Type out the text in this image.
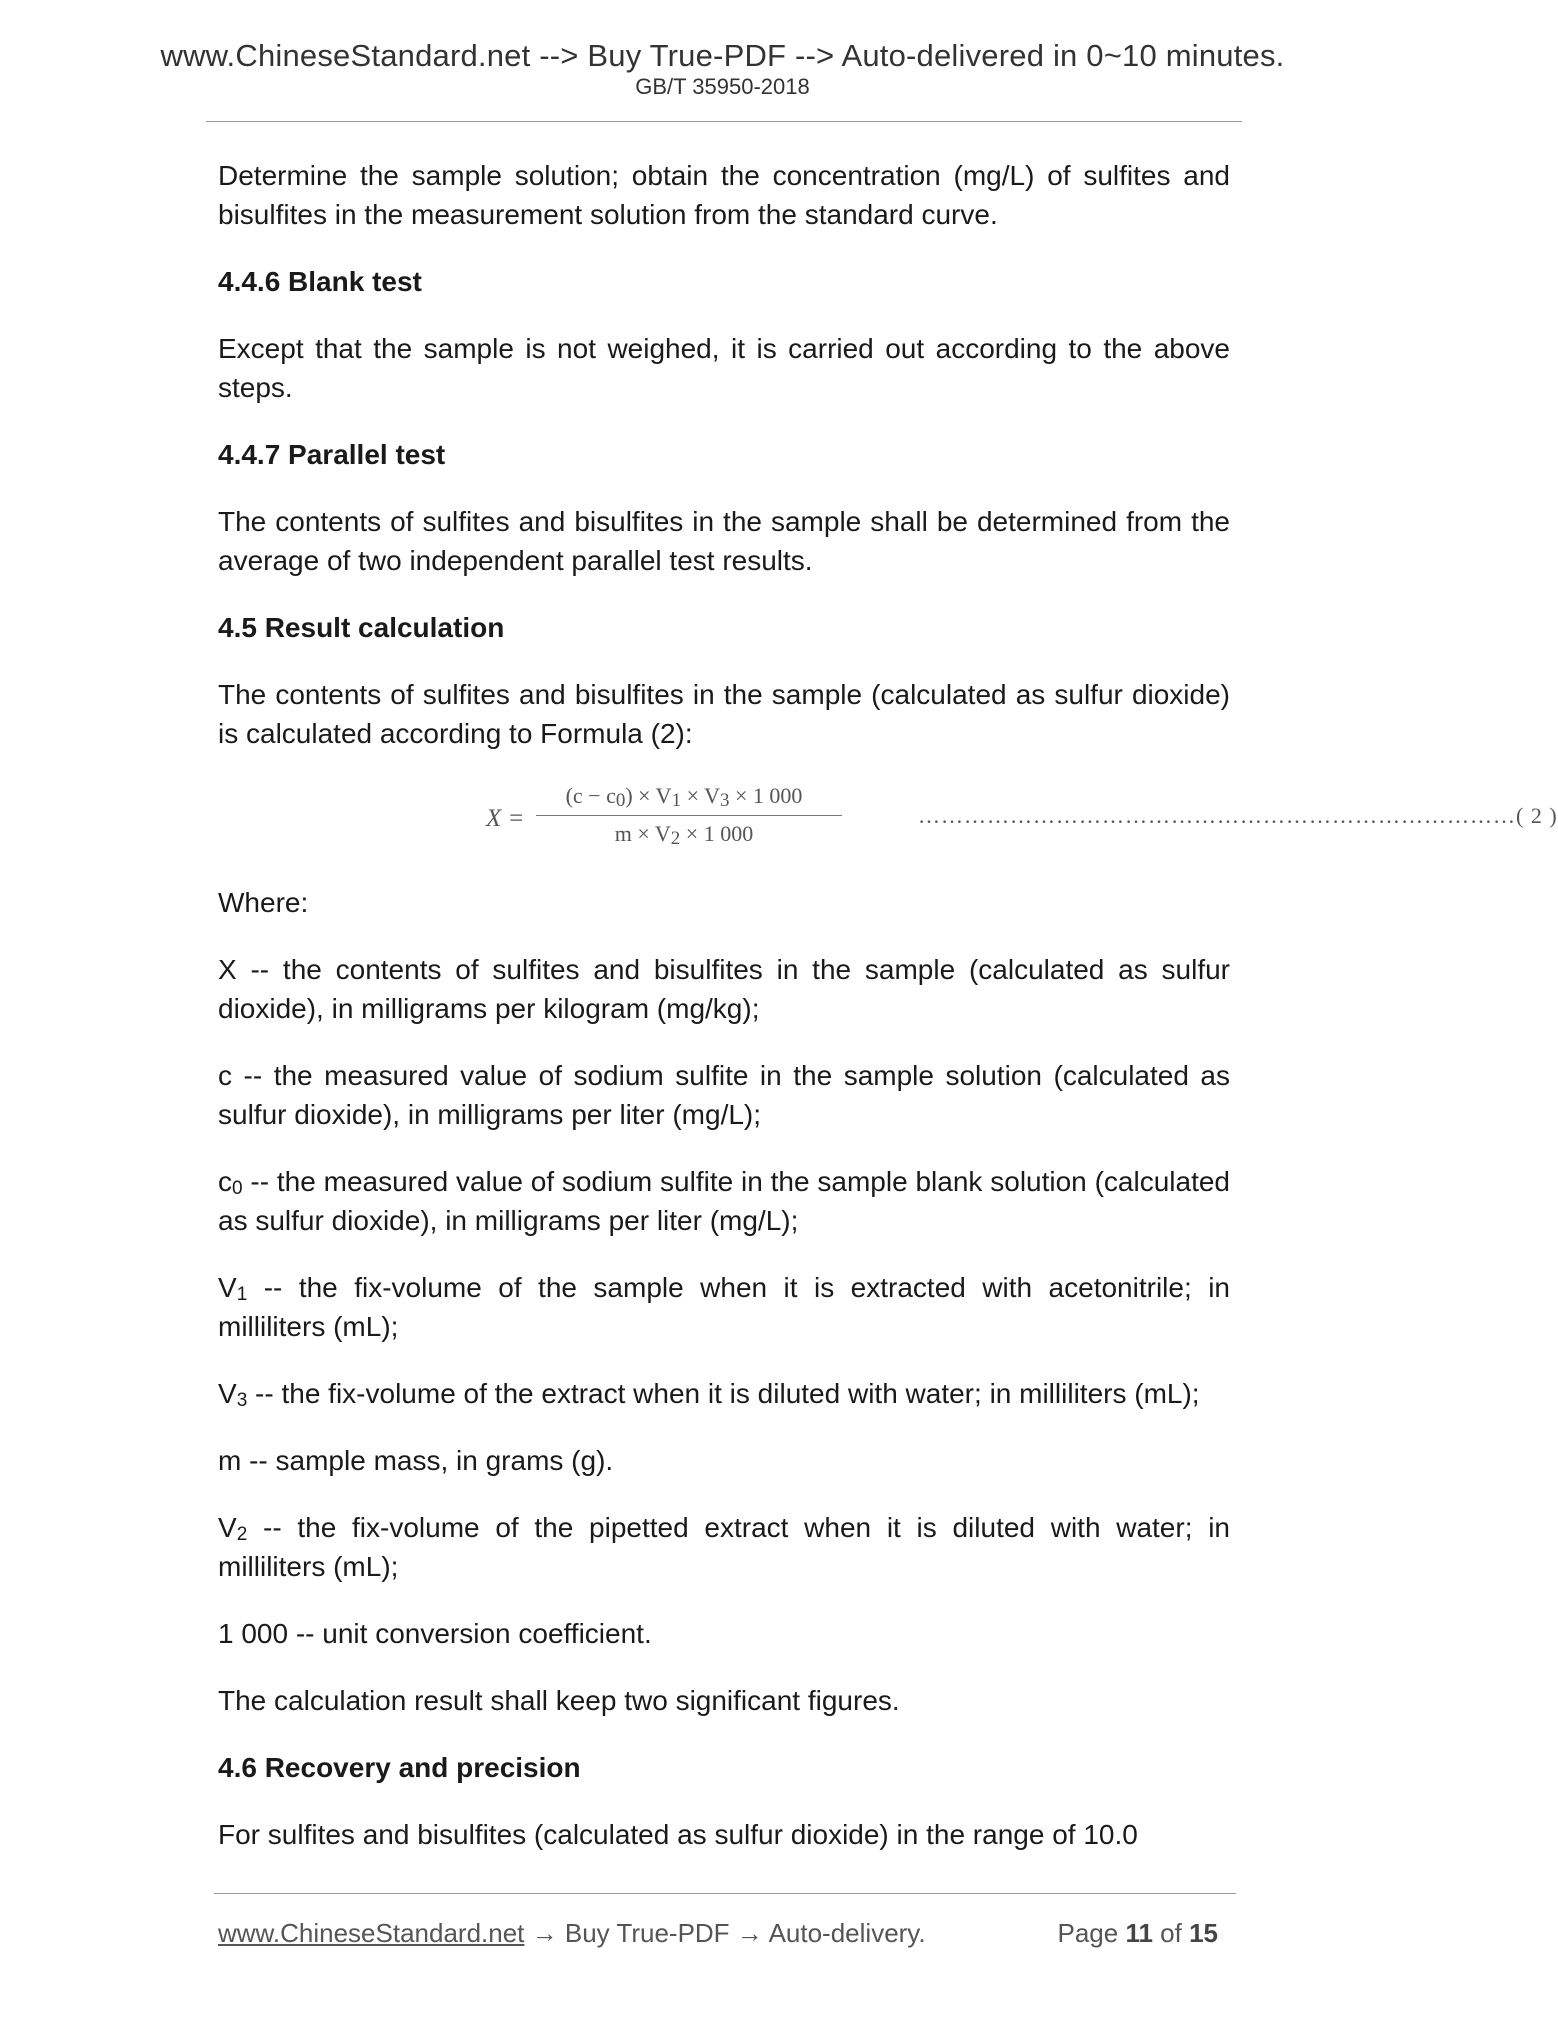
www.ChineseStandard.net --> Buy True-PDF --> Auto-delivered in 0~10 minutes.
GB/T 35950-2018

Determine the sample solution; obtain the concentration (mg/L) of sulfites and bisulfites in the measurement solution from the standard curve.

4.4.6 Blank test

Except that the sample is not weighed, it is carried out according to the above steps.

4.4.7 Parallel test

The contents of sulfites and bisulfites in the sample shall be determined from the average of two independent parallel test results.

4.5 Result calculation

The contents of sulfites and bisulfites in the sample (calculated as sulfur dioxide) is calculated according to Formula (2):

X =
$(c - c_0) \times V_1 \times V_3 \times 1$ 000
$m \times V_2 \times 1$ 000
……………………………………………………………………( 2 )

Where:

X -- the contents of sulfites and bisulfites in the sample (calculated as sulfur dioxide), in milligrams per kilogram (mg/kg);

c -- the measured value of sodium sulfite in the sample solution (calculated as sulfur dioxide), in milligrams per liter (mg/L);

$c_0$ -- the measured value of sodium sulfite in the sample blank solution (calculated as sulfur dioxide), in milligrams per liter (mg/L);

$V_1$ -- the fix-volume of the sample when it is extracted with acetonitrile; in milliliters (mL);

$V_3$ -- the fix-volume of the extract when it is diluted with water; in milliliters (mL);

m -- sample mass, in grams (g).

$V_2$ -- the fix-volume of the pipetted extract when it is diluted with water; in milliliters (mL);

1 000 -- unit conversion coefficient.

The calculation result shall keep two significant figures.

4.6 Recovery and precision

For sulfites and bisulfites (calculated as sulfur dioxide) in the range of 10.0

www.ChineseStandard.net → Buy True-PDF → Auto-delivery.	Page 11 of 15
